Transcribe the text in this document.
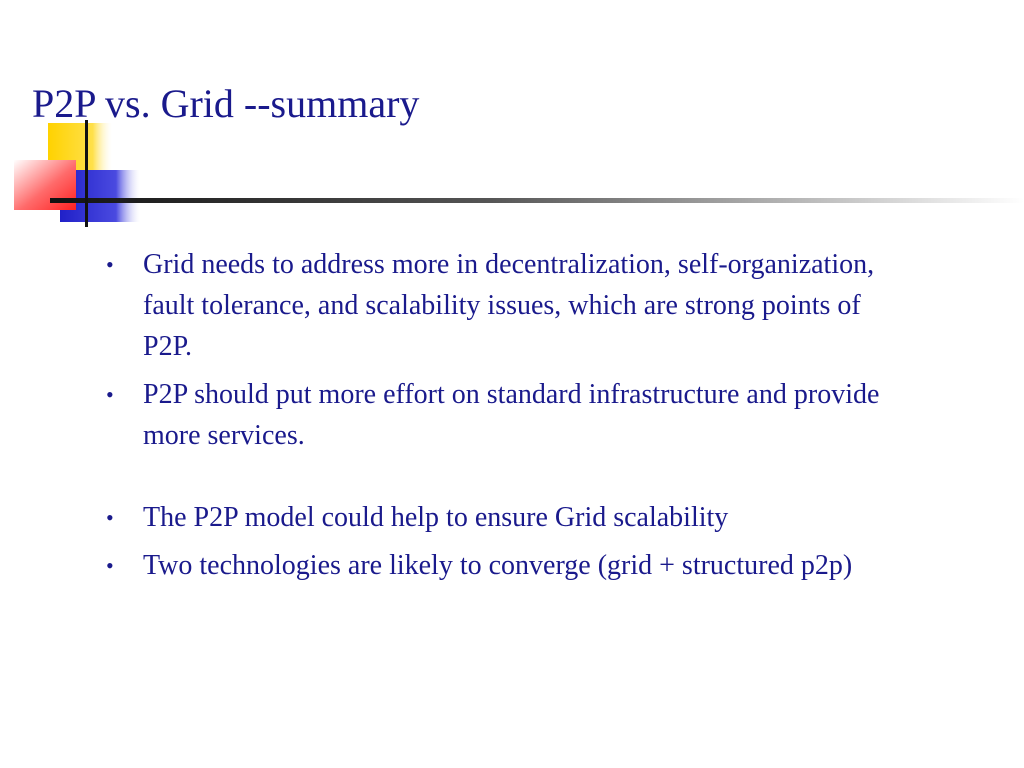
P2P vs. Grid --summary
• Grid needs to address more in decentralization, self-organization, fault tolerance, and scalability issues, which are strong points of P2P.
• P2P should put more effort on standard infrastructure and provide more services.
• The P2P model could help to ensure Grid scalability
• Two technologies are likely to converge (grid + structured p2p)
